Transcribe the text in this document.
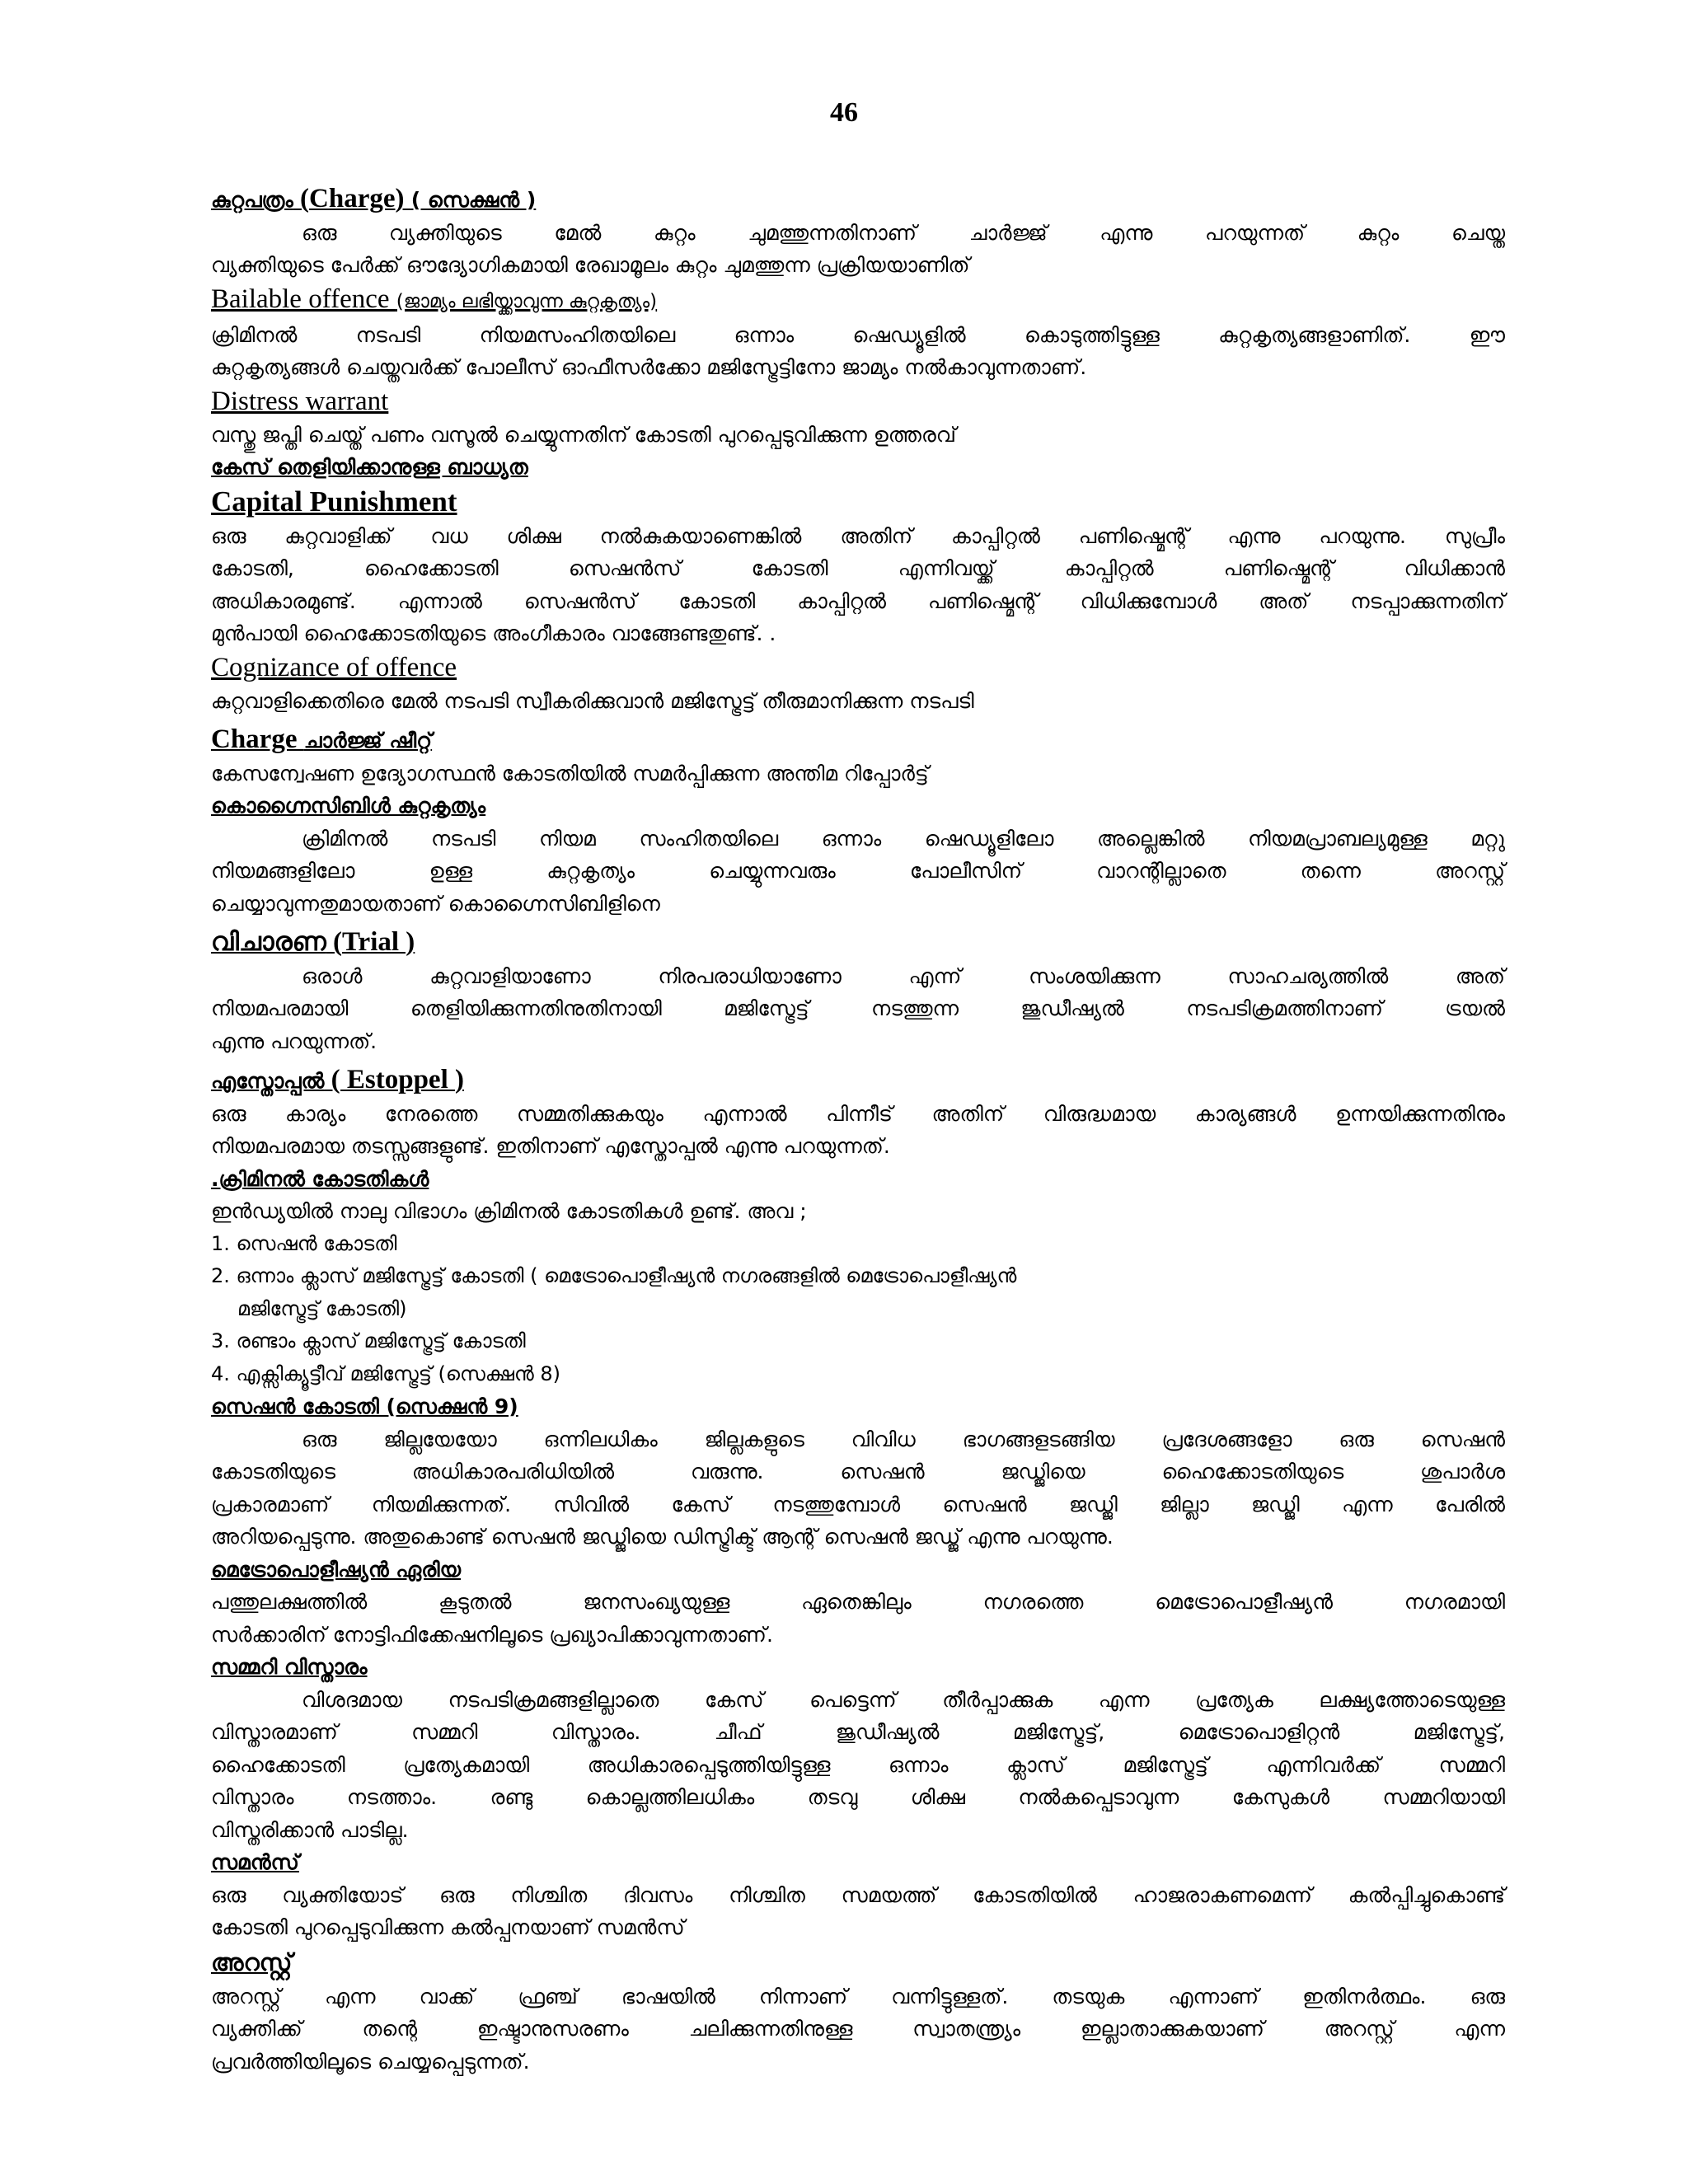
46

കുറ്റപത്രം (Charge) ( സെക്ഷൻ )

ഒരു വ്യക്തിയുടെ മേൽ കുറ്റം ചുമത്തുന്നതിനാണ് ചാർജ്ജ് എന്നു പറയുന്നത് കുറ്റം ചെയ്ത

വ്യക്തിയുടെ പേർക്ക് ഔദ്യോഗികമായി രേഖാമൂലം കുറ്റം ചുമത്തുന്ന പ്രക്രിയയാണിത്

Bailable offence (ജാമ്യം ലഭിയ്ക്കാവുന്ന കുറ്റകൃത്യം)

ക്രിമിനൽ നടപടി നിയമസംഹിതയിലെ ഒന്നാം ഷെഡ്യൂളിൽ കൊടുത്തിട്ടുള്ള കുറ്റകൃത്യങ്ങളാണിത്. ഈ

കുറ്റകൃത്യങ്ങൾ ചെയ്തവർക്ക് പോലീസ് ഓഫീസർക്കോ മജിസ്ട്രേട്ടിനോ ജാമ്യം നൽകാവുന്നതാണ്.

Distress warrant

വസ്തു ജപ്തി ചെയ്ത് പണം വസൂൽ ചെയ്യുന്നതിന് കോടതി പുറപ്പെടുവിക്കുന്ന ഉത്തരവ്

കേസ് തെളിയിക്കാനുള്ള ബാധ്യത

Capital Punishment

ഒരു കുറ്റവാളിക്ക് വധ ശിക്ഷ നൽകുകയാണെങ്കിൽ അതിന് കാപ്പിറ്റൽ പണിഷ്മെന്റ് എന്നു പറയുന്നു. സുപ്രീം

കോടതി, ഹൈക്കോടതി സെഷൻസ് കോടതി എന്നിവയ്ക്ക് കാപ്പിറ്റൽ പണിഷ്മെന്റ് വിധിക്കാൻ

അധികാരമുണ്ട്. എന്നാൽ സെഷൻസ് കോടതി കാപ്പിറ്റൽ പണിഷ്മെന്റ് വിധിക്കുമ്പോൾ അത് നടപ്പാക്കുന്നതിന്

മുൻപായി ഹൈക്കോടതിയുടെ അംഗീകാരം വാങ്ങേണ്ടതുണ്ട്. .

Cognizance of offence

കുറ്റവാളിക്കെതിരെ മേൽ നടപടി സ്വീകരിക്കുവാൻ മജിസ്ട്രേട്ട് തീരുമാനിക്കുന്ന നടപടി

Charge ചാർജ്ജ് ഷീറ്റ്

കേസന്വേഷണ ഉദ്യോഗസ്ഥൻ കോടതിയിൽ സമർപ്പിക്കുന്ന അന്തിമ റിപ്പോർട്ട്

കൊഗ്നൈസിബിൾ കുറ്റകൃത്യം

ക്രിമിനൽ നടപടി നിയമ സംഹിതയിലെ ഒന്നാം ഷെഡ്യൂളിലോ അല്ലെങ്കിൽ നിയമപ്രാബല്യമുള്ള മറ്റു

നിയമങ്ങളിലോ ഉള്ള കുറ്റകൃത്യം ചെയ്യുന്നവരും പോലീസിന് വാറന്റില്ലാതെ തന്നെ അറസ്റ്റ്

ചെയ്യാവുന്നതുമായതാണ് കൊഗ്നൈസിബിളിനെ

വിചാരണ (Trial )

ഒരാൾ കുറ്റവാളിയാണോ നിരപരാധിയാണോ എന്ന് സംശയിക്കുന്ന സാഹചര്യത്തിൽ അത്

നിയമപരമായി തെളിയിക്കുന്നതിനുതിനായി മജിസ്ട്രേട്ട് നടത്തുന്ന ജുഡീഷ്യൽ നടപടിക്രമത്തിനാണ് ട്രയൽ

എന്നു പറയുന്നത്.

എസ്തോപ്പൽ ( Estoppel )

ഒരു കാര്യം നേരത്തെ സമ്മതിക്കുകയും എന്നാൽ പിന്നീട് അതിന് വിരുദ്ധമായ കാര്യങ്ങൾ ഉന്നയിക്കുന്നതിനും

നിയമപരമായ തടസ്സങ്ങളുണ്ട്. ഇതിനാണ് എസ്തോപ്പൽ എന്നു പറയുന്നത്.

.ക്രിമിനൽ കോടതികൾ

ഇൻഡ്യയിൽ നാലു വിഭാഗം ക്രിമിനൽ കോടതികൾ ഉണ്ട്. അവ ;

1. സെഷൻ കോടതി

2. ഒന്നാം ക്ലാസ് മജിസ്ട്രേട്ട് കോടതി ( മെട്രോപൊളീഷ്യൻ നഗരങ്ങളിൽ മെട്രോപൊളീഷ്യൻ

മജിസ്ട്രേട്ട് കോടതി)

3. രണ്ടാം ക്ലാസ് മജിസ്ട്രേട്ട് കോടതി

4. എക്സിക്യൂട്ടീവ് മജിസ്ട്രേട്ട് (സെക്ഷൻ 8)

സെഷൻ കോടതി (സെക്ഷൻ 9)

ഒരു ജില്ലയേയോ ഒന്നിലധികം ജില്ലകളുടെ വിവിധ ഭാഗങ്ങളടങ്ങിയ പ്രദേശങ്ങളോ ഒരു സെഷൻ

കോടതിയുടെ അധികാരപരിധിയിൽ വരുന്നു. സെഷൻ ജഡ്ജിയെ ഹൈക്കോടതിയുടെ ശുപാർശ

പ്രകാരമാണ് നിയമിക്കുന്നത്. സിവിൽ കേസ് നടത്തുമ്പോൾ സെഷൻ ജഡ്ജി ജില്ലാ ജഡ്ജി എന്ന പേരിൽ

അറിയപ്പെടുന്നു. അതുകൊണ്ട് സെഷൻ ജഡ്ജിയെ ഡിസ്ട്രിക്ട് ആന്റ് സെഷൻ ജഡ്ജ് എന്നു പറയുന്നു.

മെട്രോപൊളീഷ്യൻ ഏരിയ

പത്തുലക്ഷത്തിൽ കൂടുതൽ ജനസംഖ്യയുള്ള ഏതെങ്കിലും നഗരത്തെ മെട്രോപൊളീഷ്യൻ നഗരമായി

സർക്കാരിന് നോട്ടിഫിക്കേഷനിലൂടെ പ്രഖ്യാപിക്കാവുന്നതാണ്.

സമ്മറി വിസ്താരം

വിശദമായ നടപടിക്രമങ്ങളില്ലാതെ കേസ് പെട്ടെന്ന് തീർപ്പാക്കുക എന്ന പ്രത്യേക ലക്ഷ്യത്തോടെയുള്ള

വിസ്താരമാണ് സമ്മറി വിസ്താരം. ചീഫ് ജുഡീഷ്യൽ മജിസ്ട്രേട്ട്, മെട്രോപൊളിറ്റൻ മജിസ്ട്രേട്ട്,

ഹൈക്കോടതി പ്രത്യേകമായി അധികാരപ്പെടുത്തിയിട്ടുള്ള ഒന്നാം ക്ലാസ് മജിസ്ട്രേട്ട് എന്നിവർക്ക് സമ്മറി

വിസ്താരം നടത്താം. രണ്ടു കൊല്ലത്തിലധികം തടവു ശിക്ഷ നൽകപ്പെടാവുന്ന കേസുകൾ സമ്മറിയായി

വിസ്തരിക്കാൻ പാടില്ല.

സമൻസ്

ഒരു വ്യക്തിയോട് ഒരു നിശ്ചിത ദിവസം നിശ്ചിത സമയത്ത് കോടതിയിൽ ഹാജരാകണമെന്ന് കൽപ്പിച്ചുകൊണ്ട്

കോടതി പുറപ്പെടുവിക്കുന്ന കൽപ്പനയാണ് സമൻസ്

അറസ്റ്റ്

അറസ്റ്റ് എന്ന വാക്ക് ഫ്രഞ്ച് ഭാഷയിൽ നിന്നാണ് വന്നിട്ടുള്ളത്. തടയുക എന്നാണ് ഇതിനർത്ഥം. ഒരു

വ്യക്തിക്ക് തന്റെ ഇഷ്ടാനുസരണം ചലിക്കുന്നതിനുള്ള സ്വാതന്ത്ര്യം ഇല്ലാതാക്കുകയാണ് അറസ്റ്റ് എന്ന

പ്രവർത്തിയിലൂടെ ചെയ്യപ്പെടുന്നത്.
